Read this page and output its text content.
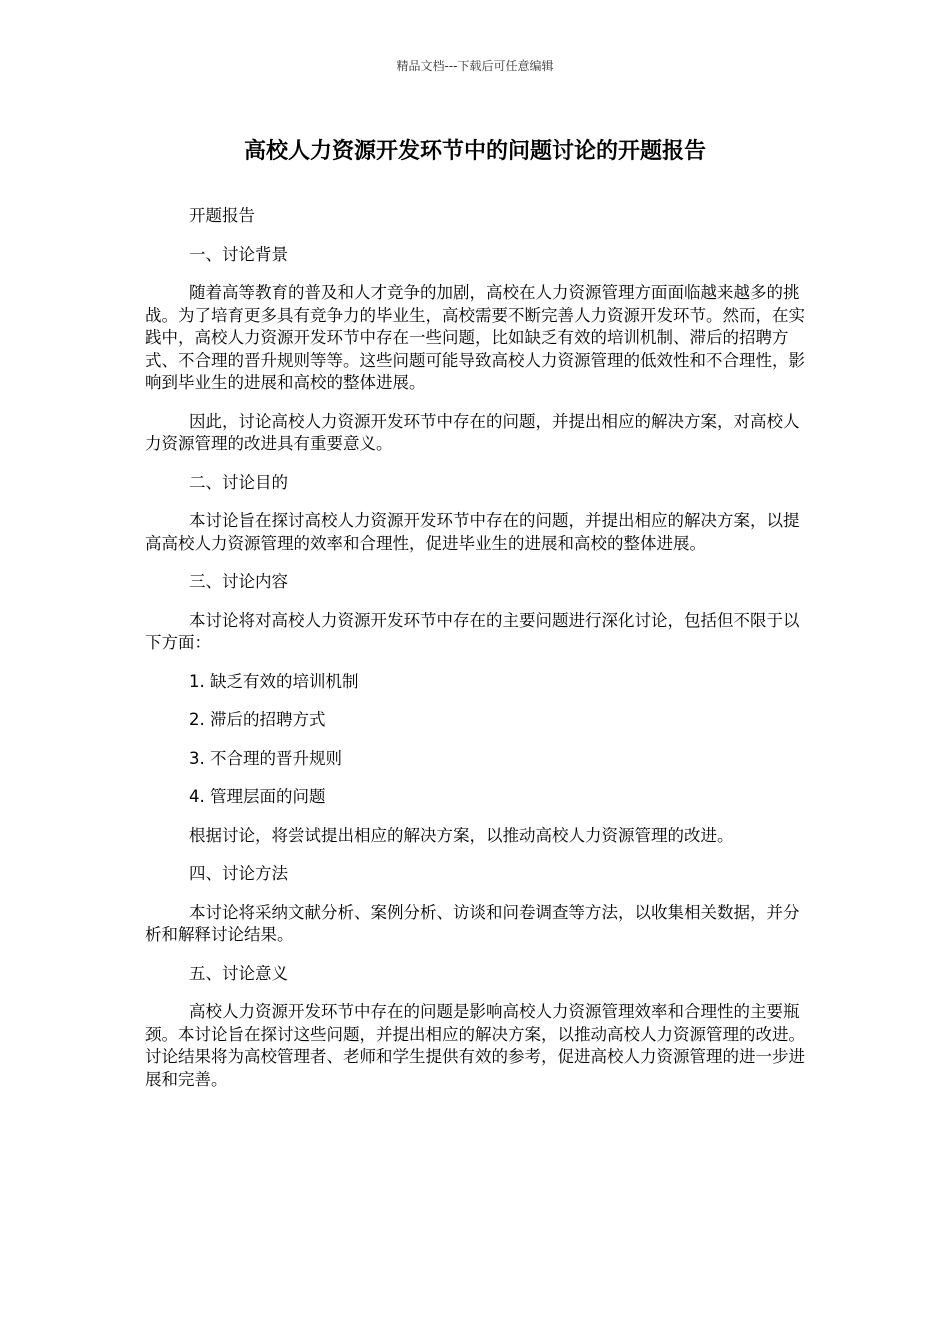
精品文档---下载后可任意编辑
高校人力资源开发环节中的问题讨论的开题报告

开题报告

一、讨论背景

随着高等教育的普及和人才竞争的加剧，高校在人力资源管理方面面临越来越多的挑战。为了培育更多具有竞争力的毕业生，高校需要不断完善人力资源开发环节。然而，在实践中，高校人力资源开发环节中存在一些问题，比如缺乏有效的培训机制、滞后的招聘方式、不合理的晋升规则等等。这些问题可能导致高校人力资源管理的低效性和不合理性，影响到毕业生的进展和高校的整体进展。

因此，讨论高校人力资源开发环节中存在的问题，并提出相应的解决方案，对高校人力资源管理的改进具有重要意义。

二、讨论目的

本讨论旨在探讨高校人力资源开发环节中存在的问题，并提出相应的解决方案，以提高高校人力资源管理的效率和合理性，促进毕业生的进展和高校的整体进展。

三、讨论内容

本讨论将对高校人力资源开发环节中存在的主要问题进行深化讨论，包括但不限于以下方面：

1. 缺乏有效的培训机制

2. 滞后的招聘方式

3. 不合理的晋升规则

4. 管理层面的问题

根据讨论，将尝试提出相应的解决方案，以推动高校人力资源管理的改进。

四、讨论方法

本讨论将采纳文献分析、案例分析、访谈和问卷调查等方法，以收集相关数据，并分析和解释讨论结果。

五、讨论意义

高校人力资源开发环节中存在的问题是影响高校人力资源管理效率和合理性的主要瓶颈。本讨论旨在探讨这些问题，并提出相应的解决方案，以推动高校人力资源管理的改进。讨论结果将为高校管理者、老师和学生提供有效的参考，促进高校人力资源管理的进一步进展和完善。
